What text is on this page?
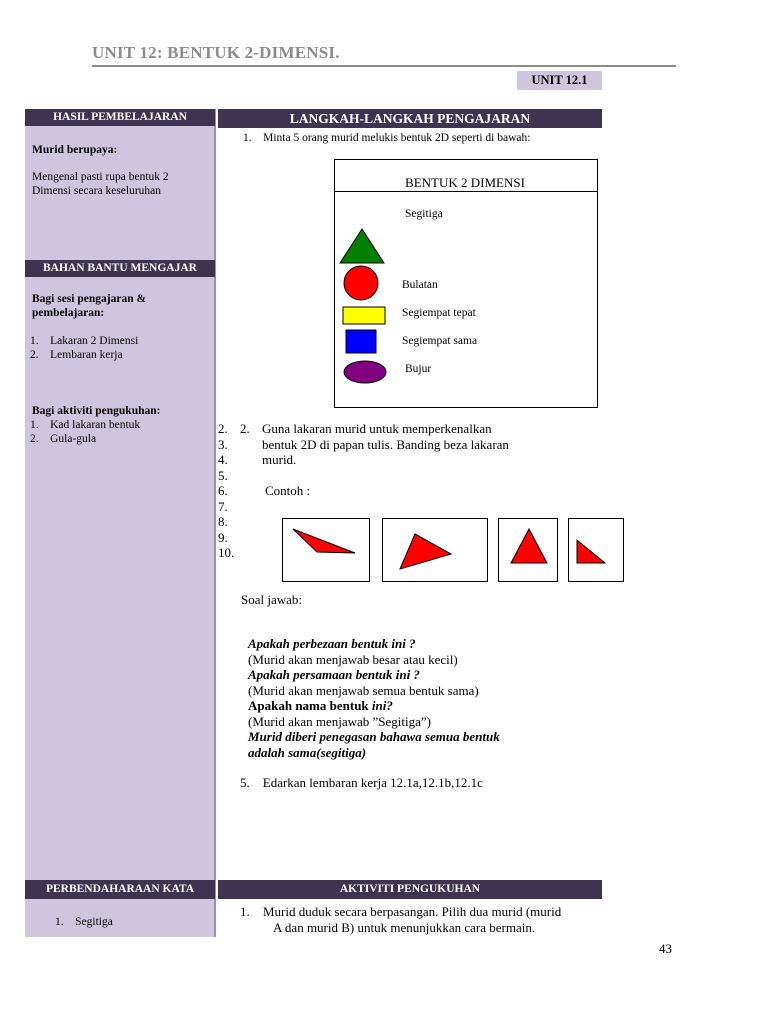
UNIT 12: BENTUK 2-DIMENSI.
UNIT 12.1
HASIL PEMBELAJARAN
Murid berupaya:
Mengenal pasti rupa bentuk 2 Dimensi secara keseluruhan
BAHAN BANTU MENGAJAR
Bagi sesi pengajaran & pembelajaran:
1.    Lakaran 2 Dimensi
2.    Lembaran kerja
Bagi aktiviti pengukuhan:
1.    Kad lakaran bentuk
2.    Gula-gula
PERBENDAHARAAN KATA
1.    Segitiga
LANGKAH-LANGKAH PENGAJARAN
1.    Minta 5 orang murid melukis bentuk 2D seperti di bawah:
BENTUK 2 DIMENSI
Segitiga
Bulatan
Segiempat tepat
Segiempat sama
Bujur
2.
3.
4.
5.
6.
7.
8.
9.
10.
2. Guna lakaran murid untuk memperkenalkan
bentuk 2D di papan tulis. Banding beza lakaran
murid.
Contoh :
Soal jawab:
Apakah perbezaan bentuk ini ?
(Murid akan menjawab besar atau kecil)
Apakah persamaan bentuk ini ?
(Murid akan menjawab semua bentuk sama)
Apakah nama bentuk ini?
(Murid akan menjawab ”Segitiga”)
Murid diberi penegasan bahawa semua bentuk
adalah sama(segitiga)
5.    Edarkan lembaran kerja 12.1a,12.1b,12.1c
AKTIVITI PENGUKUHAN
1. Murid duduk secara berpasangan. Pilih dua murid (murid
A dan murid B) untuk menunjukkan cara bermain.
43
